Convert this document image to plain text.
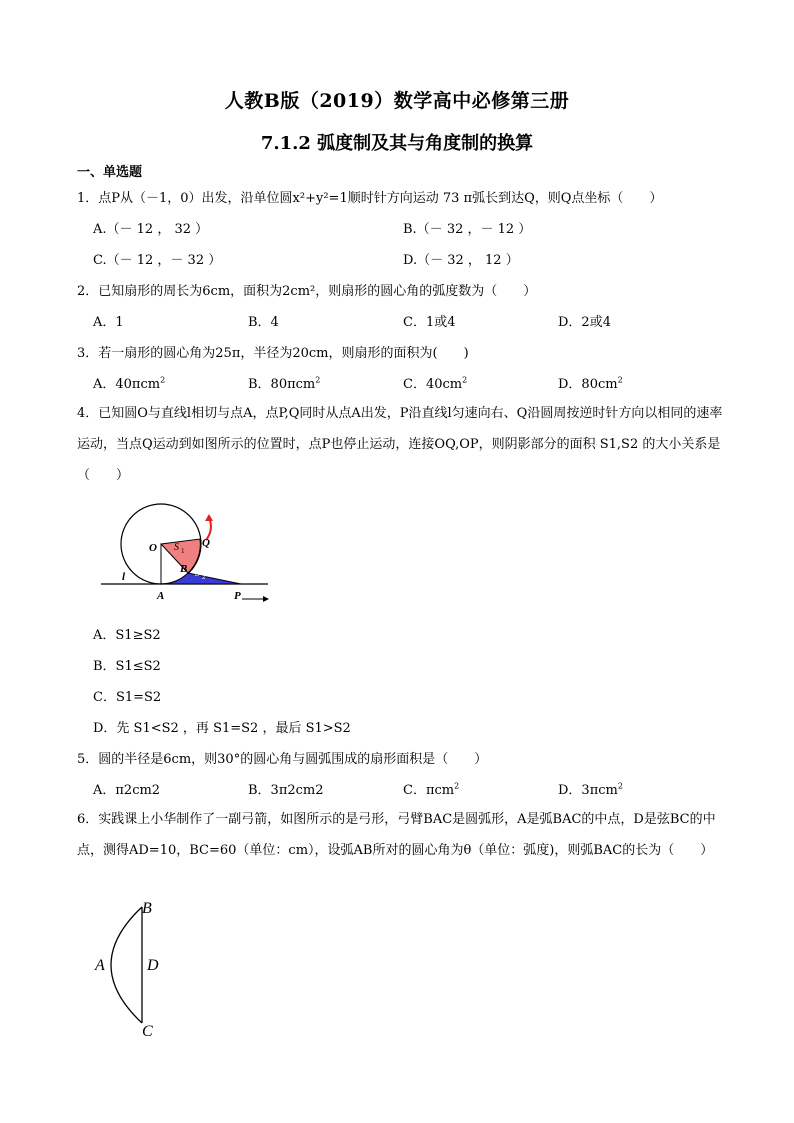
人教B版（2019）数学高中必修第三册
7.1.2 弧度制及其与角度制的换算
一、单选题
1．点P从（－1，0）出发，沿单位圆x²+y²=1顺时针方向运动 73 π弧长到达Q，则Q点坐标（　　）
A.（－ 12 ， 32 ）	B.（－ 32 ，－ 12 ）
C.（－ 12 ，－ 32 ）	D.（－ 32 ， 12 ）
2．已知扇形的周长为6cm，面积为2cm²，则扇形的圆心角的弧度数为（　　）
A．1	B．4	C．1或4	D．2或4
3．若一扇形的圆心角为25π，半径为20cm，则扇形的面积为(　　)
A．40πcm$^2$	B．80πcm$^2$	C．$40cm^2$	D．$80cm^2$
4．已知圆O与直线l相切与点A，点P,Q同时从点A出发，P沿直线l匀速向右、Q沿圆周按逆时针方向以相同的速率运动，当点Q运动到如图所示的位置时，点P也停止运动，连接OQ,OP，则阴影部分的面积 S1,S2 的大小关系是（　　）
O	Q
S 1
B S 2
l
A	P
A．S1≥S2
B．S1≤S2
C．S1=S2
D．先 S1<S2 ，再 S1=S2 ，最后 S1>S2
5．圆的半径是6cm，则30°的圆心角与圆弧围成的扇形面积是（　　）
A．π2cm2	B．3π2cm2	C．πcm$^2$	D．3πcm$^2$
6．实践课上小华制作了一副弓箭，如图所示的是弓形，弓臂BAC是圆弧形，A是弧BAC的中点，D是弦BC的中点，测得AD=10，BC=60（单位：cm），设弧AB所对的圆心角为θ（单位：弧度)，则弧BAC的长为（　　）
B
A	D
C
